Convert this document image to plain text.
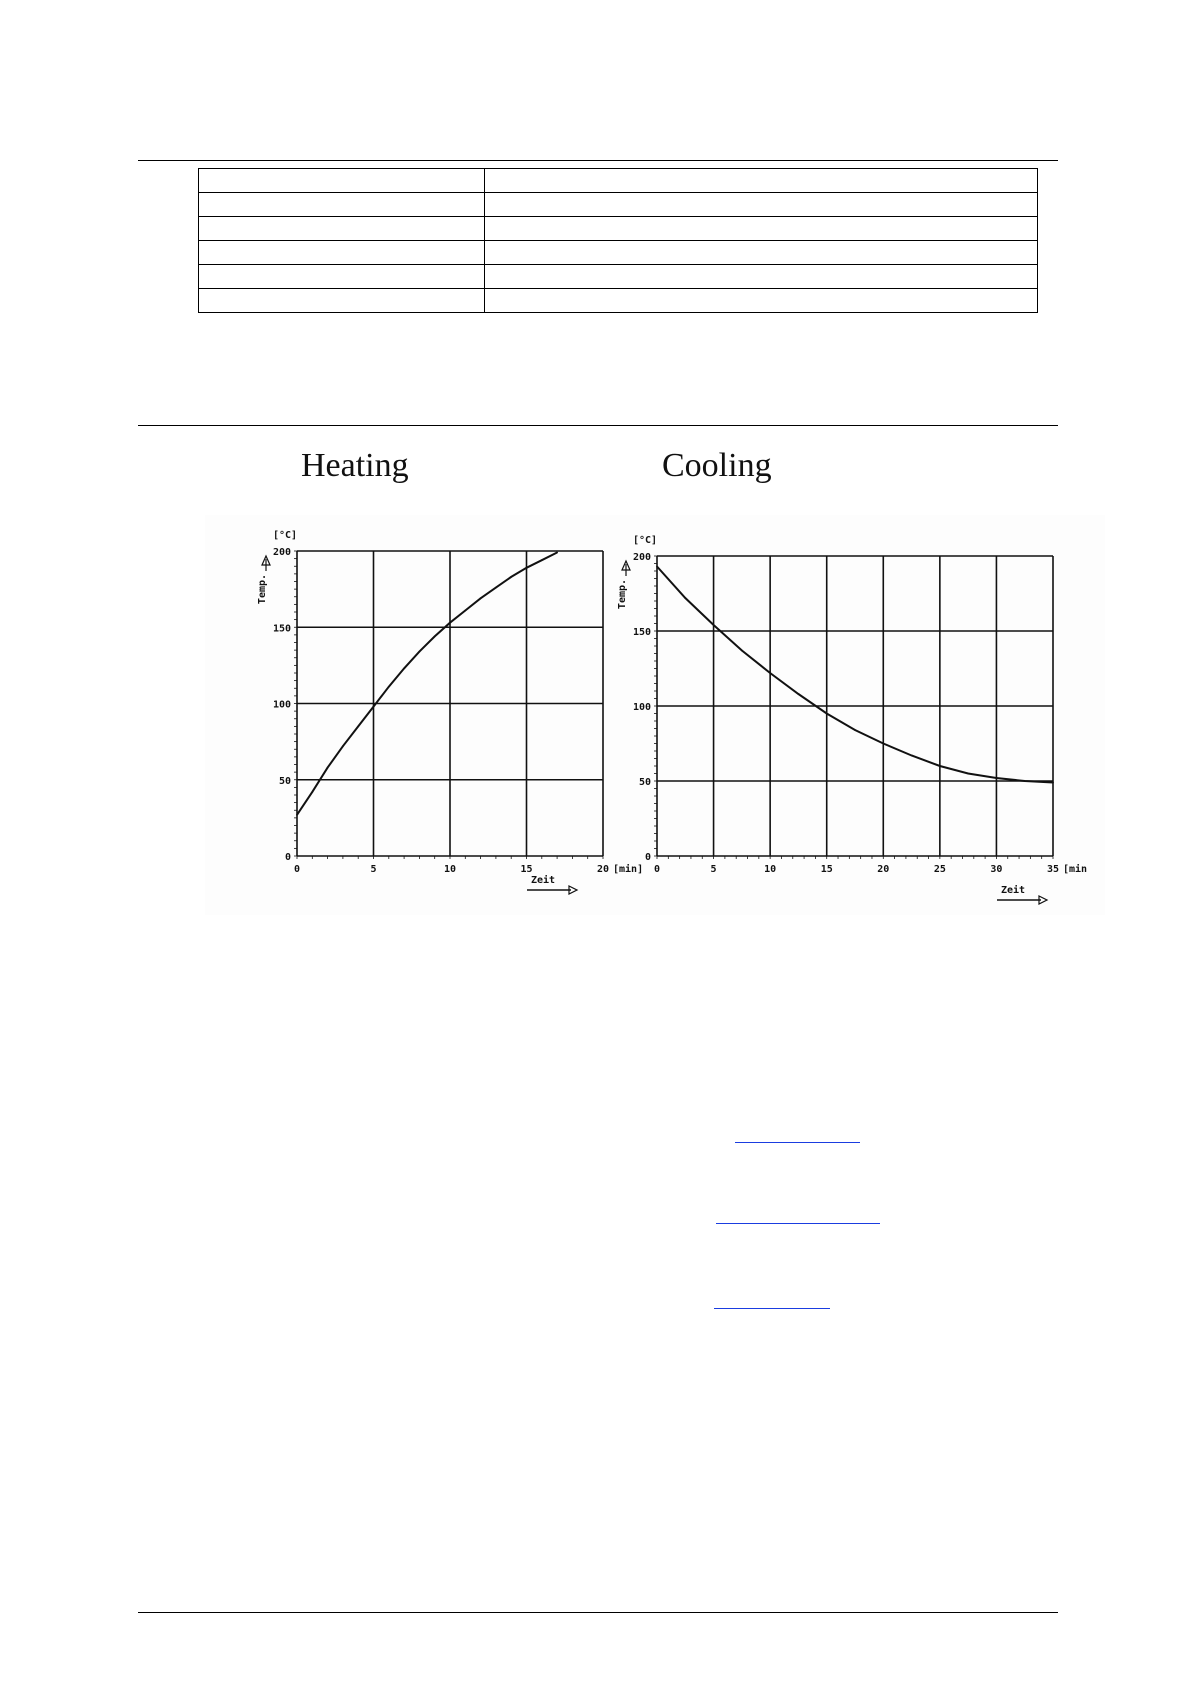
Heating	Cooling
0	5	10	15	20
0
50
100
150
200
[°C]
Temp.
[min]
Zeit
0	5	10	15	20	25	30	35
0
50
100
150
200
[°C]
Temp.
[min
Zeit
